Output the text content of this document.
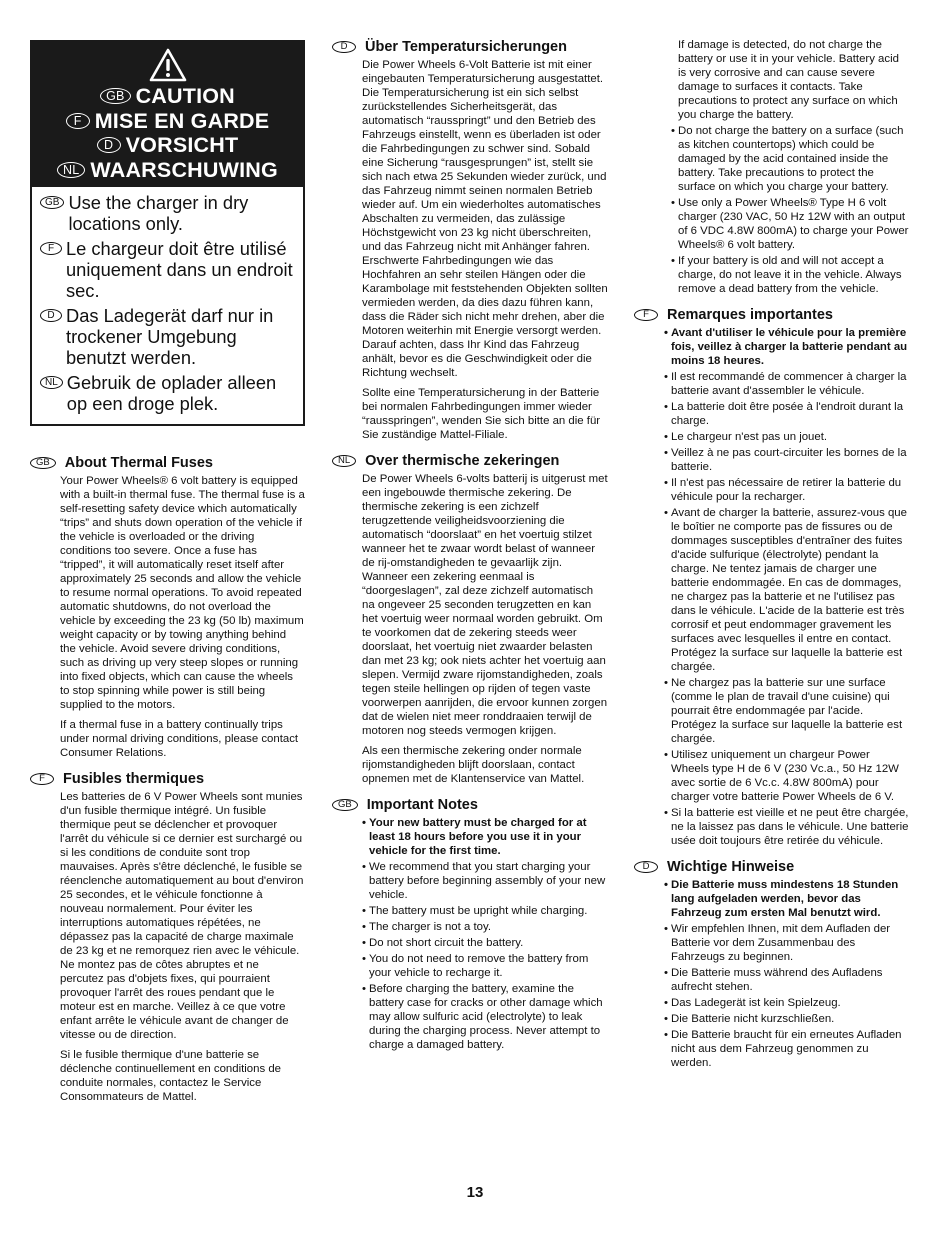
GB CAUTION
F MISE EN GARDE
D VORSICHT
NL WAARSCHUWING
GB Use the charger in dry locations only.
F Le chargeur doit être utilisé uniquement dans un endroit sec.
D Das Ladegerät darf nur in trockener Umgebung benutzt werden.
NL Gebruik de oplader alleen op een droge plek.
GB	About Thermal Fuses

Your Power Wheels® 6 volt battery is equipped with a built-in thermal fuse. The thermal fuse is a self-resetting safety device which automatically “trips” and shuts down operation of the vehicle if the vehicle is overloaded or the driving conditions too severe. Once a fuse has “tripped”, it will automatically reset itself after approximately 25 seconds and allow the vehicle to resume normal operations. To avoid repeated automatic shutdowns, do not overload the vehicle by exceeding the 23 kg (50 lb) maximum weight capacity or by towing anything behind the vehicle. Avoid severe driving conditions, such as driving up very steep slopes or running into fixed objects, which can cause the wheels to stop spinning while power is still being supplied to the motors.

If a thermal fuse in a battery continually trips under normal driving conditions, please contact Consumer Relations.

F	Fusibles thermiques

Les batteries de 6 V Power Wheels sont munies d'un fusible thermique intégré. Un fusible thermique peut se déclencher et provoquer l'arrêt du véhicule si ce dernier est surchargé ou si les conditions de conduite sont trop mauvaises. Après s'être déclenché, le fusible se réenclenche automatiquement au bout d'environ 25 secondes, et le véhicule fonctionne à nouveau normalement. Pour éviter les interruptions automatiques répétées, ne dépassez pas la capacité de charge maximale de 23 kg et ne remorquez rien avec le véhicule. Ne montez pas de côtes abruptes et ne percutez pas d'objets fixes, qui pourraient provoquer l'arrêt des roues pendant que le moteur est en marche. Veillez à ce que votre enfant arrête le véhicule avant de changer de vitesse ou de direction.

Si le fusible thermique d'une batterie se déclenche continuellement en conditions de conduite normales, contactez le Service Consommateurs de Mattel.

D	Über Temperatursicherungen

Die Power Wheels 6-Volt Batterie ist mit einer eingebauten Temperatursicherung ausgestattet. Die Temperatursicherung ist ein sich selbst zurückstellendes Sicherheitsgerät, das automatisch “rausspringt” und den Betrieb des Fahrzeugs einstellt, wenn es überladen ist oder die Fahrbedingungen zu schwer sind. Sobald eine Sicherung “rausgesprungen” ist, stellt sie sich nach etwa 25 Sekunden wieder zurück, und das Fahrzeug nimmt seinen normalen Betrieb wieder auf. Um ein wiederholtes automatisches Abschalten zu vermeiden, das zulässige Höchstgewicht von 23 kg nicht überschreiten, und das Fahrzeug nicht mit Anhänger fahren. Erschwerte Fahrbedingungen wie das Hochfahren an sehr steilen Hängen oder die Karambolage mit feststehenden Objekten sollten vermieden werden, da dies dazu führen kann, dass die Räder sich nicht mehr drehen, aber die Motoren weiterhin mit Energie versorgt werden. Darauf achten, dass Ihr Kind das Fahrzeug anhält, bevor es die Geschwindigkeit oder die Richtung wechselt.

Sollte eine Temperatursicherung in der Batterie bei normalen Fahrbedingungen immer wieder “rausspringen”, wenden Sie sich bitte an die für Sie zuständige Mattel-Filiale.

NL	Over thermische zekeringen

De Power Wheels 6-volts batterij is uitgerust met een ingebouwde thermische zekering. De thermische zekering is een zichzelf terugzettende veiligheidsvoorziening die automatisch “doorslaat” en het voertuig stilzet wanneer het te zwaar wordt belast of wanneer de rij-omstandigheden te gevaarlijk zijn. Wanneer een zekering eenmaal is “doorgeslagen”, zal deze zichzelf automatisch na ongeveer 25 seconden terugzetten en kan het voertuig weer normaal worden gebruikt. Om te voorkomen dat de zekering steeds weer doorslaat, het voertuig niet zwaarder belasten dan met 23 kg; ook niets achter het voertuig aan slepen. Vermijd zware rijomstandigheden, zoals tegen steile hellingen op rijden of tegen vaste voorwerpen aanrijden, die ervoor kunnen zorgen dat de wielen niet meer ronddraaien terwijl de motoren nog steeds vermogen krijgen.

Als een thermische zekering onder normale rijomstandigheden blijft doorslaan, contact opnemen met de Klantenservice van Mattel.

GB	Important Notes
• Your new battery must be charged for at least 18 hours before you use it in your vehicle for the first time.
• We recommend that you start charging your battery before beginning assembly of your new vehicle.
• The battery must be upright while charging.
• The charger is not a toy.
• Do not short circuit the battery.
• You do not need to remove the battery from your vehicle to recharge it.
• Before charging the battery, examine the battery case for cracks or other damage which may allow sulfuric acid (electrolyte) to leak during the charging process. Never attempt to charge a damaged battery.
If damage is detected, do not charge the battery or use it in your vehicle. Battery acid is very corrosive and can cause severe damage to surfaces it contacts. Take precautions to protect any surface on which you charge the battery.
• Do not charge the battery on a surface (such as kitchen countertops) which could be damaged by the acid contained inside the battery. Take precautions to protect the surface on which you charge your battery.
• Use only a Power Wheels® Type H 6 volt charger (230 VAC, 50 Hz 12W with an output of 6 VDC 4.8W 800mA) to charge your Power Wheels® 6 volt battery.
• If your battery is old and will not accept a charge, do not leave it in the vehicle. Always remove a dead battery from the vehicle.
F	Remarques importantes
• Avant d'utiliser le véhicule pour la première fois, veillez à charger la batterie pendant au moins 18 heures.
• Il est recommandé de commencer à charger la batterie avant d'assembler le véhicule.
• La batterie doit être posée à l'endroit durant la charge.
• Le chargeur n'est pas un jouet.
• Veillez à ne pas court-circuiter les bornes de la batterie.
• Il n'est pas nécessaire de retirer la batterie du véhicule pour la recharger.
• Avant de charger la batterie, assurez-vous que le boîtier ne comporte pas de fissures ou de dommages susceptibles d'entraîner des fuites d'acide sulfurique (électrolyte) pendant la charge. Ne tentez jamais de charger une batterie endommagée. En cas de dommages, ne chargez pas la batterie et ne l'utilisez pas dans le véhicule. L'acide de la batterie est très corrosif et peut endommager gravement les surfaces avec lesquelles il entre en contact. Protégez la surface sur laquelle la batterie est chargée.
• Ne chargez pas la batterie sur une surface (comme le plan de travail d'une cuisine) qui pourrait être endommagée par l'acide. Protégez la surface sur laquelle la batterie est chargée.
• Utilisez uniquement un chargeur Power Wheels type H de 6 V (230 Vc.a., 50 Hz 12W avec sortie de 6 Vc.c. 4.8W 800mA) pour charger votre batterie Power Wheels de 6 V.
• Si la batterie est vieille et ne peut être chargée, ne la laissez pas dans le véhicule. Une batterie usée doit toujours être retirée du véhicule.
D	Wichtige Hinweise
• Die Batterie muss mindestens 18 Stunden lang aufgeladen werden, bevor das Fahrzeug zum ersten Mal benutzt wird.
• Wir empfehlen Ihnen, mit dem Aufladen der Batterie vor dem Zusammenbau des Fahrzeugs zu beginnen.
• Die Batterie muss während des Aufladens aufrecht stehen.
• Das Ladegerät ist kein Spielzeug.
• Die Batterie nicht kurzschließen.
• Die Batterie braucht für ein erneutes Aufladen nicht aus dem Fahrzeug genommen zu werden.
13
